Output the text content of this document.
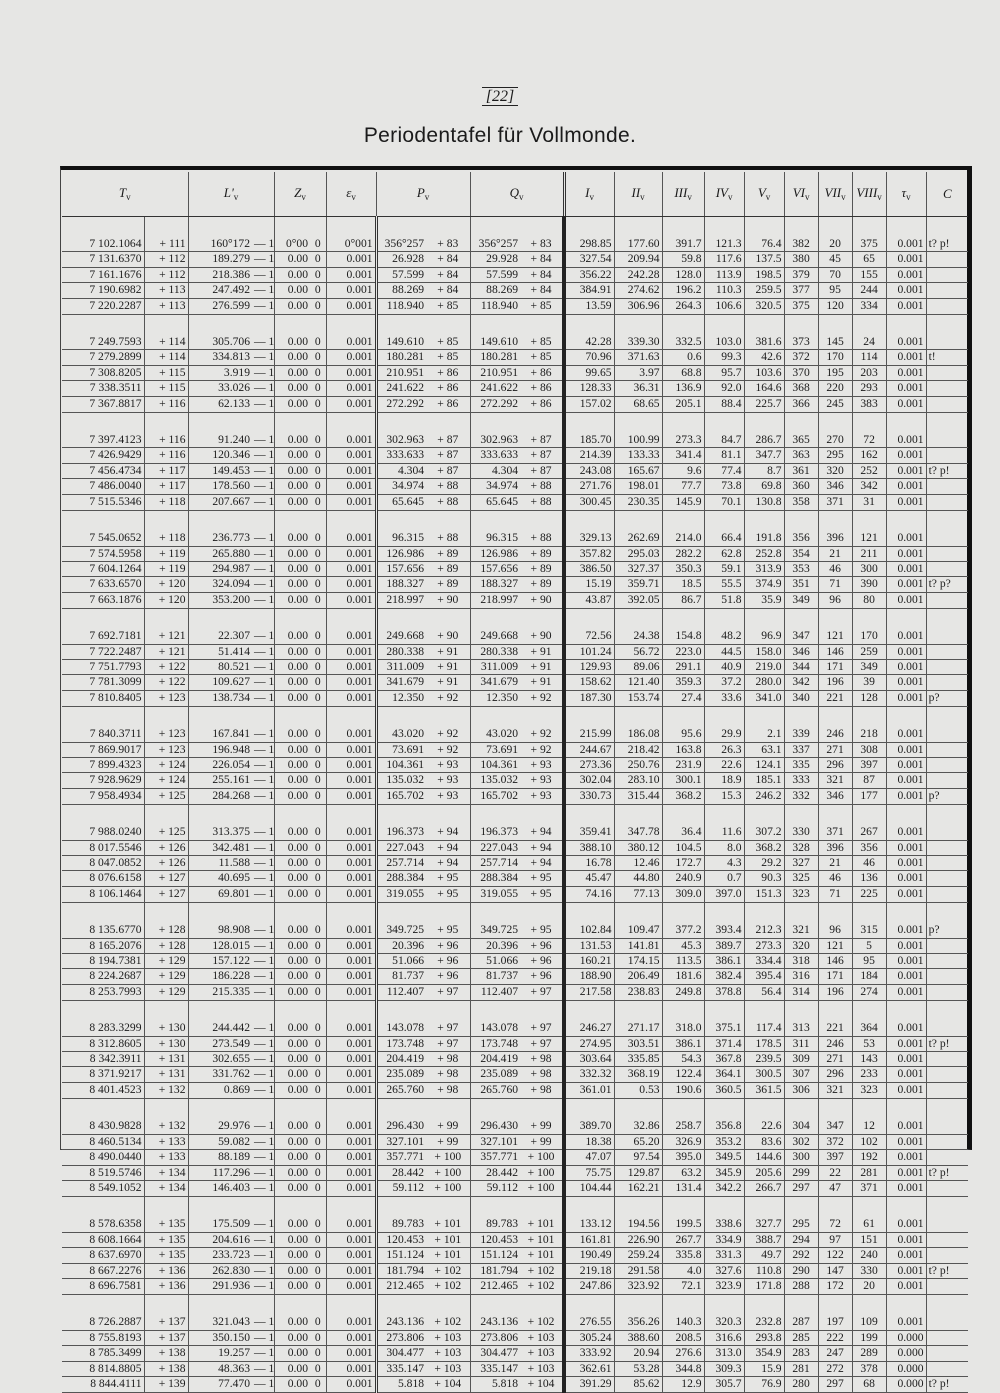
[22]
Periodentafel für Vollmonde.
$T_v$		$L'_v$		$Z_v$		$\varepsilon_v$	$P_v$		$Q_v$		$I_v$	$II_v$	$III_v$	$IV_v$	$V_v$	$VI_v$	$VII_v$	$VIII_v$	$\tau_v$	C
7 102.1064	+ 111	160°172	— 1	0°00	0	0°001	356°257	+ 83	356°257	+ 83	298.85	177.60	391.7	121.3	76.4	382	20	375	0.001	t? p!
7 131.6370	+ 112	189.279	— 1	0.00	0	0.001	26.928	+ 84	29.928	+ 84	327.54	209.94	59.8	117.6	137.5	380	45	65	0.001	
7 161.1676	+ 112	218.386	— 1	0.00	0	0.001	57.599	+ 84	57.599	+ 84	356.22	242.28	128.0	113.9	198.5	379	70	155	0.001	
7 190.6982	+ 113	247.492	— 1	0.00	0	0.001	88.269	+ 84	88.269	+ 84	384.91	274.62	196.2	110.3	259.5	377	95	244	0.001	
7 220.2287	+ 113	276.599	— 1	0.00	0	0.001	118.940	+ 85	118.940	+ 85	13.59	306.96	264.3	106.6	320.5	375	120	334	0.001	
7 249.7593	+ 114	305.706	— 1	0.00	0	0.001	149.610	+ 85	149.610	+ 85	42.28	339.30	332.5	103.0	381.6	373	145	24	0.001	
7 279.2899	+ 114	334.813	— 1	0.00	0	0.001	180.281	+ 85	180.281	+ 85	70.96	371.63	0.6	99.3	42.6	372	170	114	0.001	t!
7 308.8205	+ 115	3.919	— 1	0.00	0	0.001	210.951	+ 86	210.951	+ 86	99.65	3.97	68.8	95.7	103.6	370	195	203	0.001	
7 338.3511	+ 115	33.026	— 1	0.00	0	0.001	241.622	+ 86	241.622	+ 86	128.33	36.31	136.9	92.0	164.6	368	220	293	0.001	
7 367.8817	+ 116	62.133	— 1	0.00	0	0.001	272.292	+ 86	272.292	+ 86	157.02	68.65	205.1	88.4	225.7	366	245	383	0.001	
7 397.4123	+ 116	91.240	— 1	0.00	0	0.001	302.963	+ 87	302.963	+ 87	185.70	100.99	273.3	84.7	286.7	365	270	72	0.001	
7 426.9429	+ 116	120.346	— 1	0.00	0	0.001	333.633	+ 87	333.633	+ 87	214.39	133.33	341.4	81.1	347.7	363	295	162	0.001	
7 456.4734	+ 117	149.453	— 1	0.00	0	0.001	4.304	+ 87	4.304	+ 87	243.08	165.67	9.6	77.4	8.7	361	320	252	0.001	t? p!
7 486.0040	+ 117	178.560	— 1	0.00	0	0.001	34.974	+ 88	34.974	+ 88	271.76	198.01	77.7	73.8	69.8	360	346	342	0.001	
7 515.5346	+ 118	207.667	— 1	0.00	0	0.001	65.645	+ 88	65.645	+ 88	300.45	230.35	145.9	70.1	130.8	358	371	31	0.001	
7 545.0652	+ 118	236.773	— 1	0.00	0	0.001	96.315	+ 88	96.315	+ 88	329.13	262.69	214.0	66.4	191.8	356	396	121	0.001	
7 574.5958	+ 119	265.880	— 1	0.00	0	0.001	126.986	+ 89	126.986	+ 89	357.82	295.03	282.2	62.8	252.8	354	21	211	0.001	
7 604.1264	+ 119	294.987	— 1	0.00	0	0.001	157.656	+ 89	157.656	+ 89	386.50	327.37	350.3	59.1	313.9	353	46	300	0.001	
7 633.6570	+ 120	324.094	— 1	0.00	0	0.001	188.327	+ 89	188.327	+ 89	15.19	359.71	18.5	55.5	374.9	351	71	390	0.001	t? p?
7 663.1876	+ 120	353.200	— 1	0.00	0	0.001	218.997	+ 90	218.997	+ 90	43.87	392.05	86.7	51.8	35.9	349	96	80	0.001	
7 692.7181	+ 121	22.307	— 1	0.00	0	0.001	249.668	+ 90	249.668	+ 90	72.56	24.38	154.8	48.2	96.9	347	121	170	0.001	
7 722.2487	+ 121	51.414	— 1	0.00	0	0.001	280.338	+ 91	280.338	+ 91	101.24	56.72	223.0	44.5	158.0	346	146	259	0.001	
7 751.7793	+ 122	80.521	— 1	0.00	0	0.001	311.009	+ 91	311.009	+ 91	129.93	89.06	291.1	40.9	219.0	344	171	349	0.001	
7 781.3099	+ 122	109.627	— 1	0.00	0	0.001	341.679	+ 91	341.679	+ 91	158.62	121.40	359.3	37.2	280.0	342	196	39	0.001	
7 810.8405	+ 123	138.734	— 1	0.00	0	0.001	12.350	+ 92	12.350	+ 92	187.30	153.74	27.4	33.6	341.0	340	221	128	0.001	p?
7 840.3711	+ 123	167.841	— 1	0.00	0	0.001	43.020	+ 92	43.020	+ 92	215.99	186.08	95.6	29.9	2.1	339	246	218	0.001	
7 869.9017	+ 123	196.948	— 1	0.00	0	0.001	73.691	+ 92	73.691	+ 92	244.67	218.42	163.8	26.3	63.1	337	271	308	0.001	
7 899.4323	+ 124	226.054	— 1	0.00	0	0.001	104.361	+ 93	104.361	+ 93	273.36	250.76	231.9	22.6	124.1	335	296	397	0.001	
7 928.9629	+ 124	255.161	— 1	0.00	0	0.001	135.032	+ 93	135.032	+ 93	302.04	283.10	300.1	18.9	185.1	333	321	87	0.001	
7 958.4934	+ 125	284.268	— 1	0.00	0	0.001	165.702	+ 93	165.702	+ 93	330.73	315.44	368.2	15.3	246.2	332	346	177	0.001	p?
7 988.0240	+ 125	313.375	— 1	0.00	0	0.001	196.373	+ 94	196.373	+ 94	359.41	347.78	36.4	11.6	307.2	330	371	267	0.001	
8 017.5546	+ 126	342.481	— 1	0.00	0	0.001	227.043	+ 94	227.043	+ 94	388.10	380.12	104.5	8.0	368.2	328	396	356	0.001	
8 047.0852	+ 126	11.588	— 1	0.00	0	0.001	257.714	+ 94	257.714	+ 94	16.78	12.46	172.7	4.3	29.2	327	21	46	0.001	
8 076.6158	+ 127	40.695	— 1	0.00	0	0.001	288.384	+ 95	288.384	+ 95	45.47	44.80	240.9	0.7	90.3	325	46	136	0.001	
8 106.1464	+ 127	69.801	— 1	0.00	0	0.001	319.055	+ 95	319.055	+ 95	74.16	77.13	309.0	397.0	151.3	323	71	225	0.001	
8 135.6770	+ 128	98.908	— 1	0.00	0	0.001	349.725	+ 95	349.725	+ 95	102.84	109.47	377.2	393.4	212.3	321	96	315	0.001	p?
8 165.2076	+ 128	128.015	— 1	0.00	0	0.001	20.396	+ 96	20.396	+ 96	131.53	141.81	45.3	389.7	273.3	320	121	5	0.001	
8 194.7381	+ 129	157.122	— 1	0.00	0	0.001	51.066	+ 96	51.066	+ 96	160.21	174.15	113.5	386.1	334.4	318	146	95	0.001	
8 224.2687	+ 129	186.228	— 1	0.00	0	0.001	81.737	+ 96	81.737	+ 96	188.90	206.49	181.6	382.4	395.4	316	171	184	0.001	
8 253.7993	+ 129	215.335	— 1	0.00	0	0.001	112.407	+ 97	112.407	+ 97	217.58	238.83	249.8	378.8	56.4	314	196	274	0.001	
8 283.3299	+ 130	244.442	— 1	0.00	0	0.001	143.078	+ 97	143.078	+ 97	246.27	271.17	318.0	375.1	117.4	313	221	364	0.001	
8 312.8605	+ 130	273.549	— 1	0.00	0	0.001	173.748	+ 97	173.748	+ 97	274.95	303.51	386.1	371.4	178.5	311	246	53	0.001	t? p!
8 342.3911	+ 131	302.655	— 1	0.00	0	0.001	204.419	+ 98	204.419	+ 98	303.64	335.85	54.3	367.8	239.5	309	271	143	0.001	
8 371.9217	+ 131	331.762	— 1	0.00	0	0.001	235.089	+ 98	235.089	+ 98	332.32	368.19	122.4	364.1	300.5	307	296	233	0.001	
8 401.4523	+ 132	0.869	— 1	0.00	0	0.001	265.760	+ 98	265.760	+ 98	361.01	0.53	190.6	360.5	361.5	306	321	323	0.001	
8 430.9828	+ 132	29.976	— 1	0.00	0	0.001	296.430	+ 99	296.430	+ 99	389.70	32.86	258.7	356.8	22.6	304	347	12	0.001	
8 460.5134	+ 133	59.082	— 1	0.00	0	0.001	327.101	+ 99	327.101	+ 99	18.38	65.20	326.9	353.2	83.6	302	372	102	0.001	
8 490.0440	+ 133	88.189	— 1	0.00	0	0.001	357.771	+ 100	357.771	+ 100	47.07	97.54	395.0	349.5	144.6	300	397	192	0.001	
8 519.5746	+ 134	117.296	— 1	0.00	0	0.001	28.442	+ 100	28.442	+ 100	75.75	129.87	63.2	345.9	205.6	299	22	281	0.001	t? p!
8 549.1052	+ 134	146.403	— 1	0.00	0	0.001	59.112	+ 100	59.112	+ 100	104.44	162.21	131.4	342.2	266.7	297	47	371	0.001	
8 578.6358	+ 135	175.509	— 1	0.00	0	0.001	89.783	+ 101	89.783	+ 101	133.12	194.56	199.5	338.6	327.7	295	72	61	0.001	
8 608.1664	+ 135	204.616	— 1	0.00	0	0.001	120.453	+ 101	120.453	+ 101	161.81	226.90	267.7	334.9	388.7	294	97	151	0.001	
8 637.6970	+ 135	233.723	— 1	0.00	0	0.001	151.124	+ 101	151.124	+ 101	190.49	259.24	335.8	331.3	49.7	292	122	240	0.001	
8 667.2276	+ 136	262.830	— 1	0.00	0	0.001	181.794	+ 102	181.794	+ 102	219.18	291.58	4.0	327.6	110.8	290	147	330	0.001	t? p!
8 696.7581	+ 136	291.936	— 1	0.00	0	0.001	212.465	+ 102	212.465	+ 102	247.86	323.92	72.1	323.9	171.8	288	172	20	0.001	
8 726.2887	+ 137	321.043	— 1	0.00	0	0.001	243.136	+ 102	243.136	+ 102	276.55	356.26	140.3	320.3	232.8	287	197	109	0.001	
8 755.8193	+ 137	350.150	— 1	0.00	0	0.001	273.806	+ 103	273.806	+ 103	305.24	388.60	208.5	316.6	293.8	285	222	199	0.000	
8 785.3499	+ 138	19.257	— 1	0.00	0	0.001	304.477	+ 103	304.477	+ 103	333.92	20.94	276.6	313.0	354.9	283	247	289	0.000	
8 814.8805	+ 138	48.363	— 1	0.00	0	0.001	335.147	+ 103	335.147	+ 103	362.61	53.28	344.8	309.3	15.9	281	272	378	0.000	
8 844.4111	+ 139	77.470	— 1	0.00	0	0.001	5.818	+ 104	5.818	+ 104	391.29	85.62	12.9	305.7	76.9	280	297	68	0.000	t? p!
